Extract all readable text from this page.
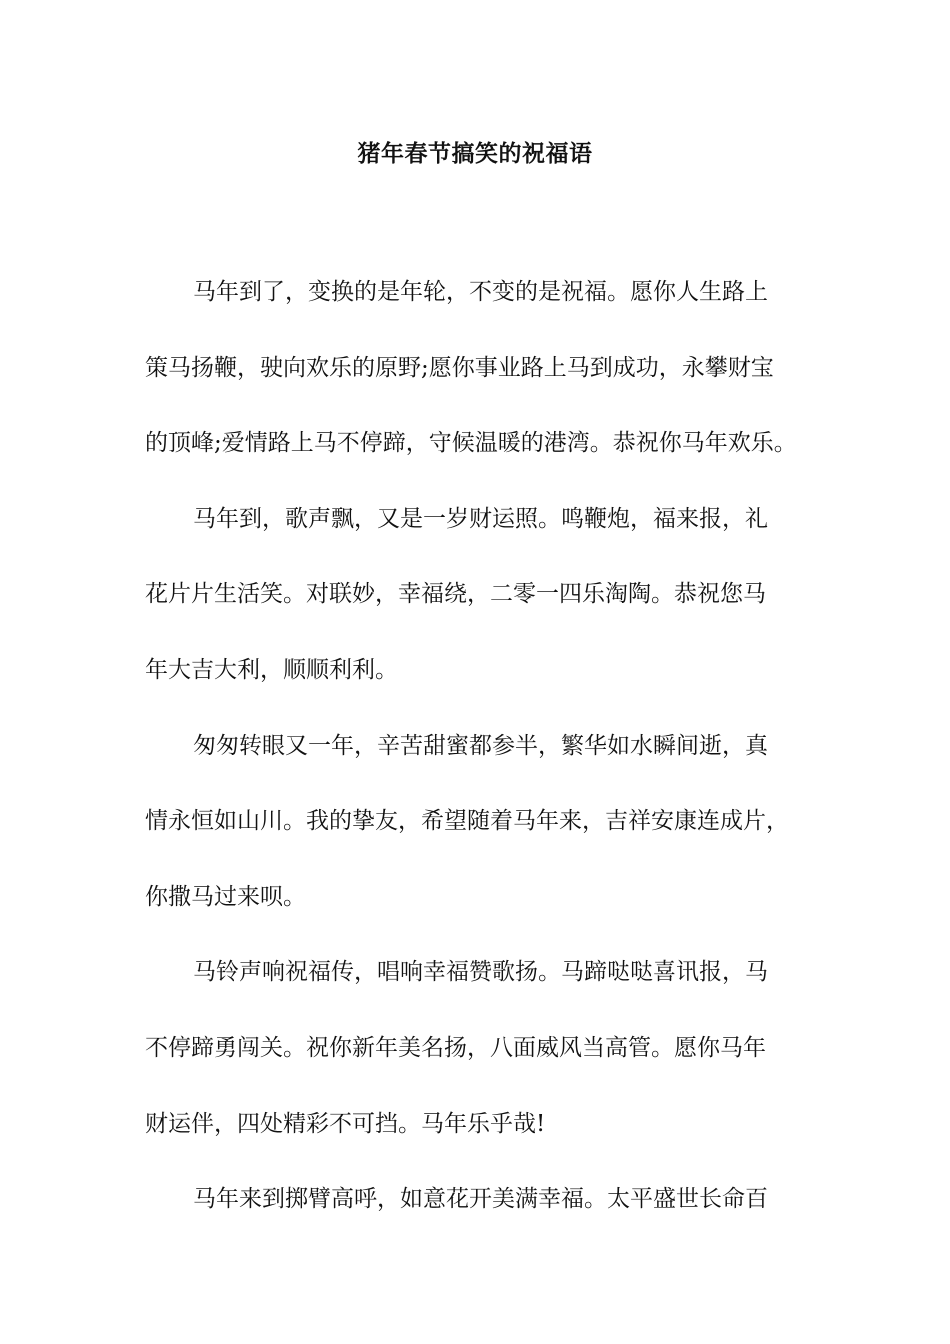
猪年春节搞笑的祝福语

马年到了，变换的是年轮，不变的是祝福。愿你人生路上
策马扬鞭，驶向欢乐的原野;愿你事业路上马到成功，永攀财宝
的顶峰;爱情路上马不停蹄，守候温暖的港湾。恭祝你马年欢乐。

马年到，歌声飘，又是一岁财运照。鸣鞭炮，福来报，礼
花片片生活笑。对联妙，幸福绕，二零一四乐淘陶。恭祝您马
年大吉大利，顺顺利利。

匆匆转眼又一年，辛苦甜蜜都参半，繁华如水瞬间逝，真
情永恒如山川。我的挚友，希望随着马年来，吉祥安康连成片，
你撒马过来呗。

马铃声响祝福传，唱响幸福赞歌扬。马蹄哒哒喜讯报，马
不停蹄勇闯关。祝你新年美名扬，八面威风当高管。愿你马年
财运伴，四处精彩不可挡。马年乐乎哉!

马年来到掷臂高呼，如意花开美满幸福。太平盛世长命百
